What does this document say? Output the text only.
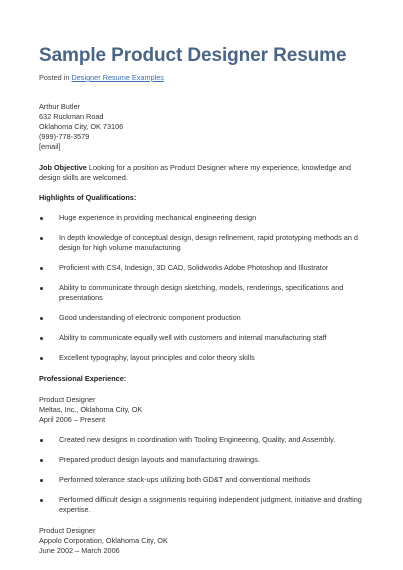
Sample Product Designer Resume
Posted in Designer Resume Examples
Arthur Butler
632 Ruckman Road
Oklahoma City, OK 73106
(999)-778-3579
[email]
Job Objective Looking for a position as Product Designer where my experience, knowledge and design skills are welcomed.
Highlights of Qualifications:
Huge experience in providing mechanical engineering design
In depth knowledge of conceptual design, design refinement, rapid prototyping methods an d design for high volume manufacturing
Proficient with CS4, Indesign, 3D CAD, Solidworks Adobe Photoshop and Illustrator
Ability to communicate through design sketching, models, renderings, specifications and presentations
Good understanding of electronic component production
Ability to communicate equally well with customers and internal manufacturing staff
Excellent typography, layout principles and color theory skills
Professional Experience:
Product Designer
Meltas, Inc., Oklahoma City, OK
April 2006 – Present
Created new designs in coordination with Tooling Engineering, Quality, and Assembly.
Prepared product design layouts and manufacturing drawings.
Performed tolerance stack-ups utilizing both GD&T and conventional methods
Performed difficult design a ssignments requiring independent judgment, initiative and drafting expertise.
Product Designer
Appolo Corporation, Oklahoma City, OK
June 2002 – March 2006
